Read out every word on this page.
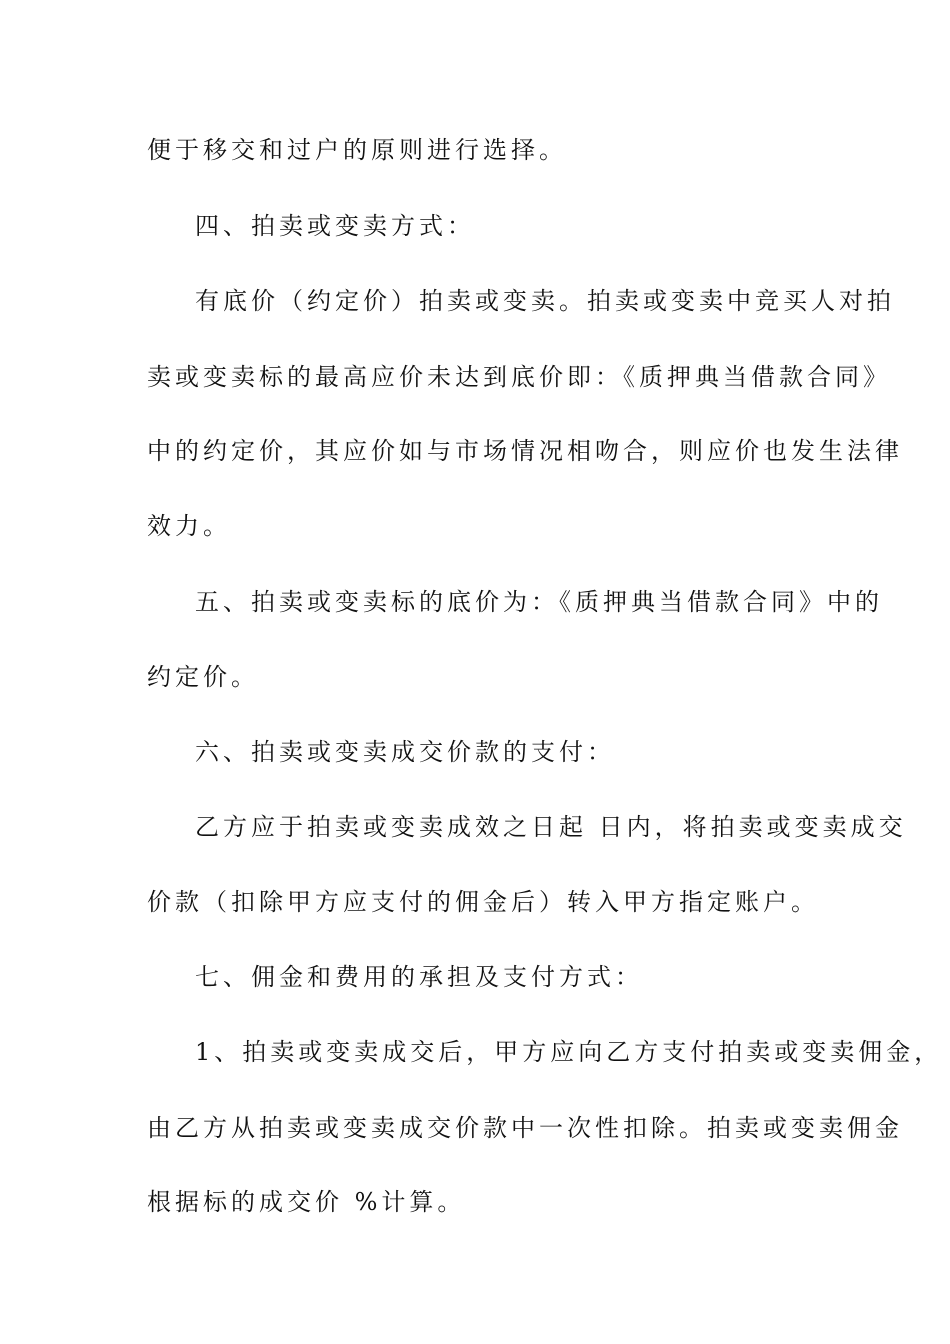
便于移交和过户的原则进行选择。
四、拍卖或变卖方式：
有底价（约定价）拍卖或变卖。拍卖或变卖中竞买人对拍
卖或变卖标的最高应价未达到底价即：《质押典当借款合同》
中的约定价，其应价如与市场情况相吻合，则应价也发生法律
效力。
五、拍卖或变卖标的底价为：《质押典当借款合同》中的
约定价。
六、拍卖或变卖成交价款的支付：
乙方应于拍卖或变卖成效之日起 日内，将拍卖或变卖成交
价款（扣除甲方应支付的佣金后）转入甲方指定账户。
七、佣金和费用的承担及支付方式：
1、拍卖或变卖成交后，甲方应向乙方支付拍卖或变卖佣金，
由乙方从拍卖或变卖成交价款中一次性扣除。拍卖或变卖佣金
根据标的成交价 %计算。
